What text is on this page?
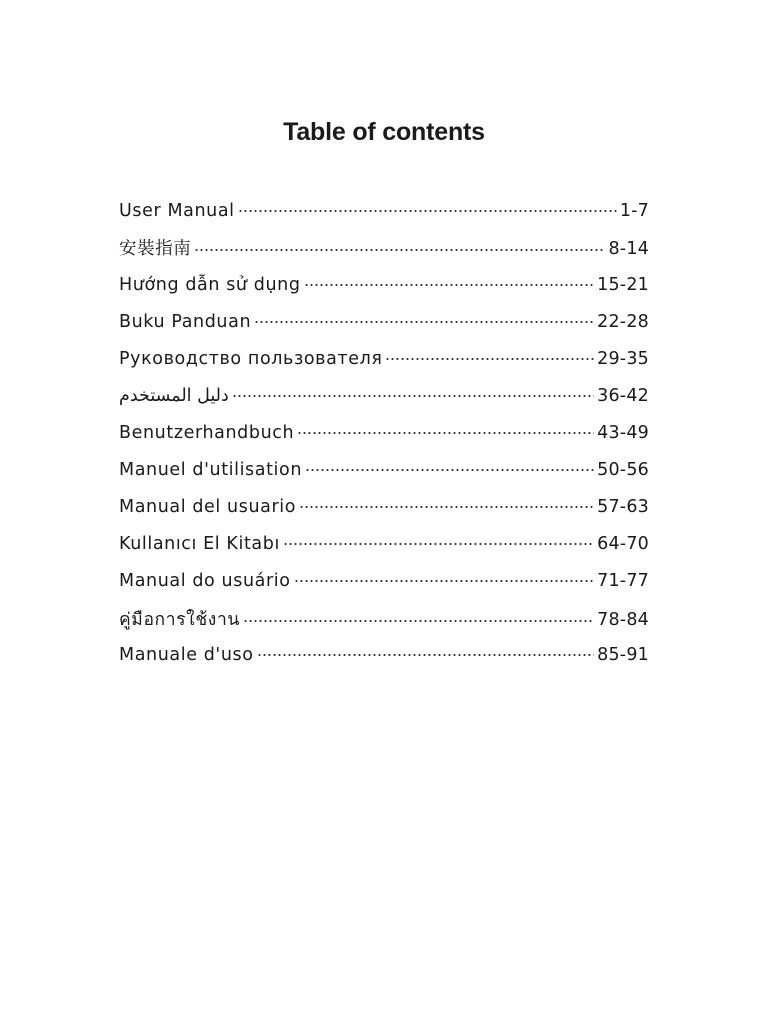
Table of contents
User Manual	1-7
安裝指南	8-14
Hướng dẫn sử dụng	15-21
Buku Panduan	22-28
Руководство пользователя	29-35
دليل المستخدم	36-42
Benutzerhandbuch	43-49
Manuel d'utilisation	50-56
Manual del usuario	57-63
Kullanıcı El Kitabı	64-70
Manual do usuário	71-77
คู่มือการใช้งาน	78-84
Manuale d'uso	85-91
